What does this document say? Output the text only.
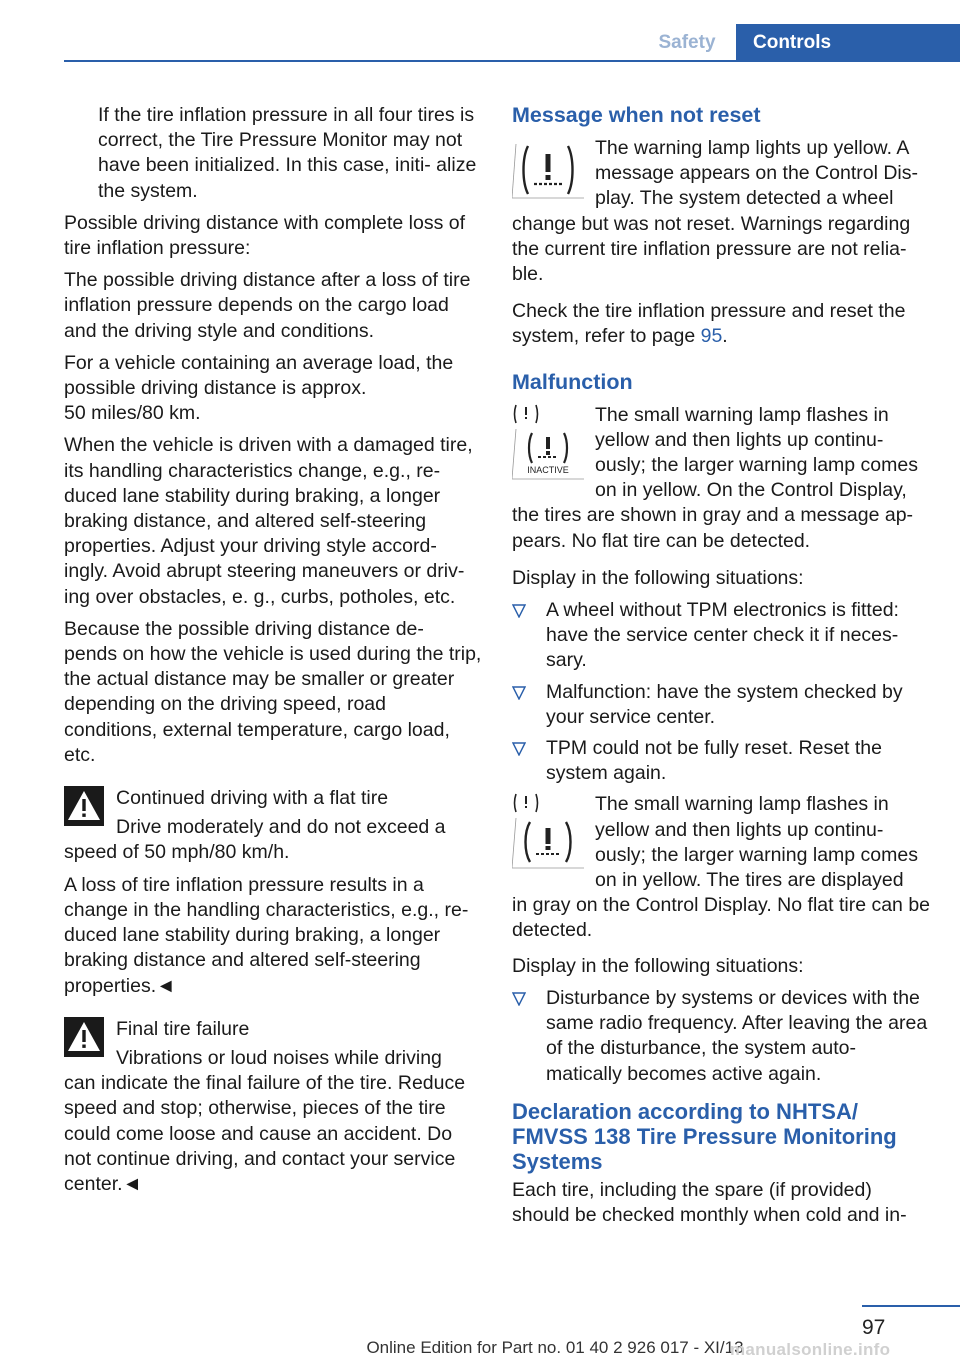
Safety	Controls

If the tire inflation pressure in all four tires is correct, the Tire Pressure Monitor may not have been initialized. In this case, initi- alize the system.

Possible driving distance with complete loss of tire inflation pressure:

The possible driving distance after a loss of tire inflation pressure depends on the cargo load and the driving style and conditions.

For a vehicle containing an average load, the possible driving distance is approx.
50 miles/80 km.

When the vehicle is driven with a damaged tire, its handling characteristics change, e.g., re- duced lane stability during braking, a longer braking distance, and altered self-steering properties. Adjust your driving style accord- ingly. Avoid abrupt steering maneuvers or driv- ing over obstacles, e. g., curbs, potholes, etc.

Because the possible driving distance de- pends on how the vehicle is used during the trip, the actual distance may be smaller or greater depending on the driving speed, road conditions, external temperature, cargo load, etc.

Continued driving with a flat tire

Drive moderately and do not exceed a

speed of 50 mph/80 km/h.

A loss of tire inflation pressure results in a change in the handling characteristics, e.g., re- duced lane stability during braking, a longer braking distance and altered self-steering properties.◄

Final tire failure

Vibrations or loud noises while driving

can indicate the final failure of the tire. Reduce speed and stop; otherwise, pieces of the tire could come loose and cause an accident. Do not continue driving, and contact your service center.◄

Message when not reset

The warning lamp lights up yellow. A message appears on the Control Dis- play. The system detected a wheel

change but was not reset. Warnings regarding the current tire inflation pressure are not relia- ble.

Check the tire inflation pressure and reset the system, refer to page 95.

Malfunction
INACTIVE

The small warning lamp flashes in yellow and then lights up continu- ously; the larger warning lamp comes on in yellow. On the Control Display,

the tires are shown in gray and a message ap- pears. No flat tire can be detected.

Display in the following situations:

A wheel without TPM electronics is fitted: have the service center check it if neces- sary.
Malfunction: have the system checked by your service center.
TPM could not be fully reset. Reset the system again.

The small warning lamp flashes in yellow and then lights up continu- ously; the larger warning lamp comes on in yellow. The tires are displayed

in gray on the Control Display. No flat tire can be detected.

Display in the following situations:

Disturbance by systems or devices with the same radio frequency. After leaving the area of the disturbance, the system auto- matically becomes active again.
Declaration according to NHTSA/ FMVSS 138 Tire Pressure Monitoring Systems

Each tire, including the spare (if provided) should be checked monthly when cold and in-

97
Online Edition for Part no. 01 40 2 926 017 - XI/13
manualsonline.info
